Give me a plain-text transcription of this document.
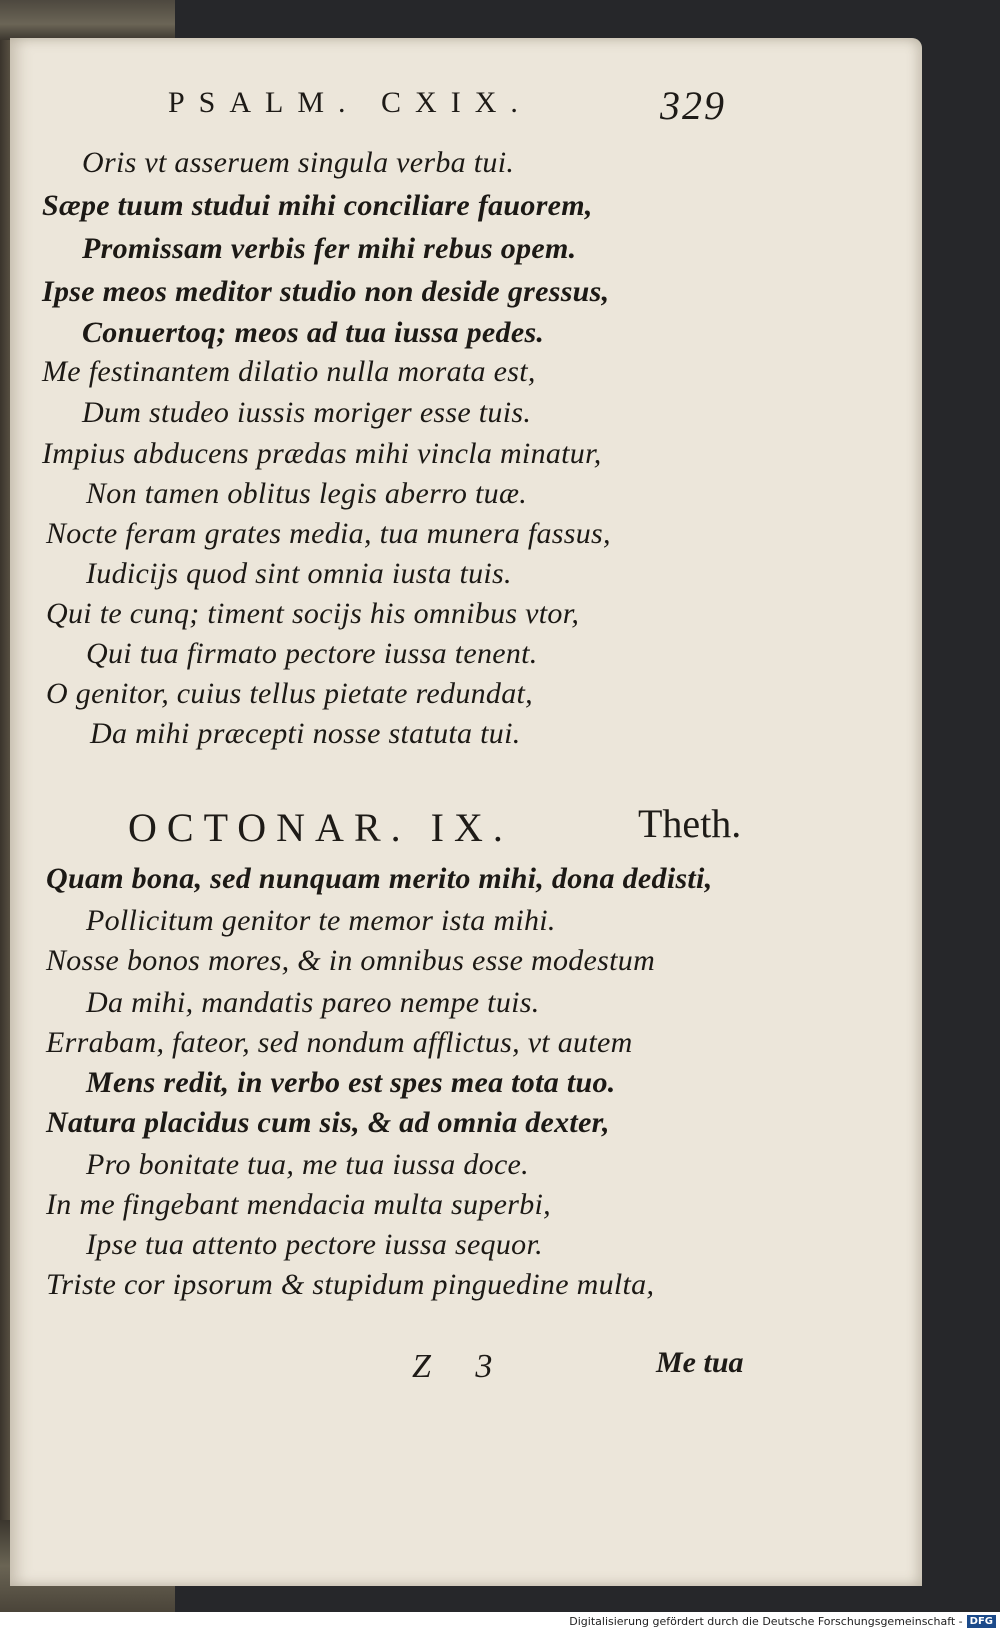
PSALM. CXIX.	329
Oris vt asseruem singula verba tui.
Sæpe tuum studui mihi conciliare fauorem,
Promissam verbis fer mihi rebus opem.
Ipse meos meditor studio non deside gressus,
Conuertoq; meos ad tua iussa pedes.
Me festinantem dilatio nulla morata est,
Dum studeo iussis moriger esse tuis.
Impius abducens prædas mihi vincla minatur,
Non tamen oblitus legis aberro tuæ.
Nocte feram grates media, tua munera fassus,
Iudicijs quod sint omnia iusta tuis.
Qui te cunq; timent socijs his omnibus vtor,
Qui tua firmato pectore iussa tenent.
O genitor, cuius tellus pietate redundat,
Da mihi præcepti nosse statuta tui.
OCTONAR. IX.	Theth.
Quam bona, sed nunquam merito mihi, dona dedisti,
Pollicitum genitor te memor ista mihi.
Nosse bonos mores, & in omnibus esse modestum
Da mihi, mandatis pareo nempe tuis.
Errabam, fateor, sed nondum afflictus, vt autem
Mens redit, in verbo est spes mea tota tuo.
Natura placidus cum sis, & ad omnia dexter,
Pro bonitate tua, me tua iussa doce.
In me fingebant mendacia multa superbi,
Ipse tua attento pectore iussa sequor.
Triste cor ipsorum & stupidum pinguedine multa,
Z 3	Me tua
Digitalisierung gefördert durch die Deutsche Forschungsgemeinschaft - DFG
